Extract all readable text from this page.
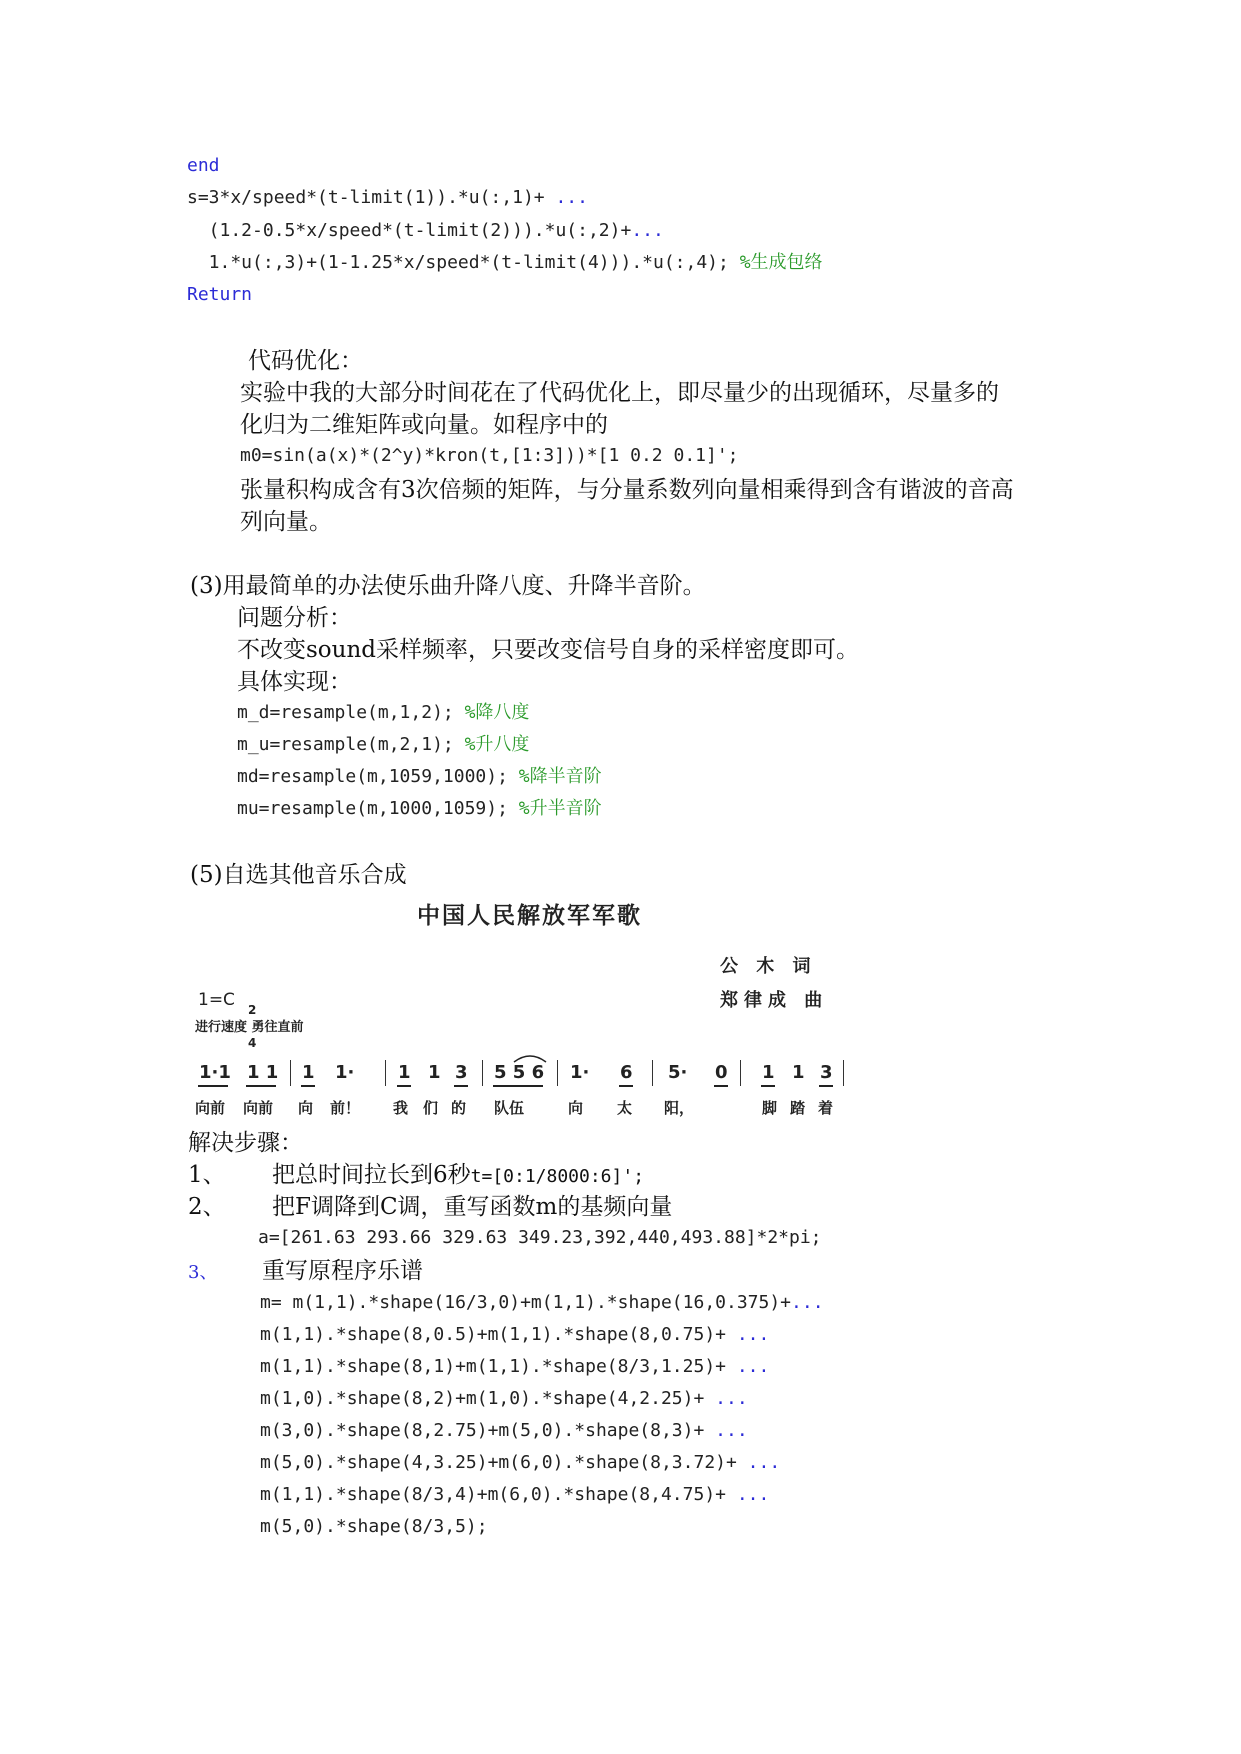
end
s=3*x/speed*(t-limit(1)).*u(:,1)+ ...
(1.2-0.5*x/speed*(t-limit(2))).*u(:,2)+...
1.*u(:,3)+(1-1.25*x/speed*(t-limit(4))).*u(:,4); %生成包络
Return
代码优化：
实验中我的大部分时间花在了代码优化上，即尽量少的出现循环，尽量多的
化归为二维矩阵或向量。如程序中的
m0=sin(a(x)*(2^y)*kron(t,[1:3]))*[1 0.2 0.1]';
张量积构成含有3次倍频的矩阵，与分量系数列向量相乘得到含有谐波的音高
列向量。
(3)用最简单的办法使乐曲升降八度、升降半音阶。
问题分析：
不改变sound采样频率，只要改变信号自身的采样密度即可。
具体实现：
m_d=resample(m,1,2); %降八度
m_u=resample(m,2,1); %升八度
md=resample(m,1059,1000); %降半音阶
mu=resample(m,1000,1059); %升半音阶
(5)自选其他音乐合成
中国人民解放军军歌
公 木 词
郑律成 曲
1=C

2

4

进行速度 勇往直前
1·1 1 1 1 1· 1 1 3 5 5 6 1· 6 5· 0 1 1 3
向前 向前 向 前！ 我 们 的 队伍	向 太 阳，	脚 踏 着
解决步骤：
1、 把总时间拉长到6秒t=[0:1/8000:6]';
2、 把F调降到C调，重写函数m的基频向量
a=[261.63 293.66 329.63 349.23,392,440,493.88]*2*pi;
3、 重写原程序乐谱
m= m(1,1).*shape(16/3,0)+m(1,1).*shape(16,0.375)+...
m(1,1).*shape(8,0.5)+m(1,1).*shape(8,0.75)+ ...
m(1,1).*shape(8,1)+m(1,1).*shape(8/3,1.25)+ ...
m(1,0).*shape(8,2)+m(1,0).*shape(4,2.25)+ ...
m(3,0).*shape(8,2.75)+m(5,0).*shape(8,3)+ ...
m(5,0).*shape(4,3.25)+m(6,0).*shape(8,3.72)+ ...
m(1,1).*shape(8/3,4)+m(6,0).*shape(8,4.75)+ ...
m(5,0).*shape(8/3,5);
